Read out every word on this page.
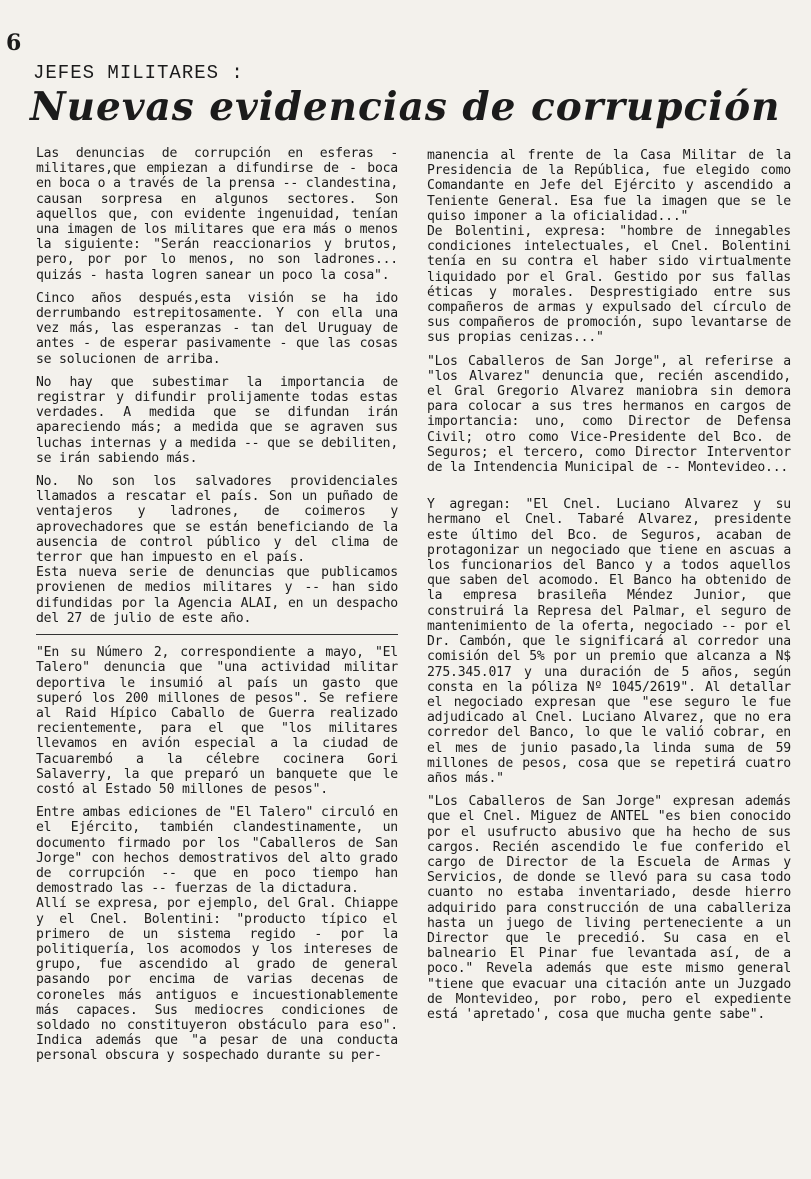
6
JEFES MILITARES :
Nuevas evidencias de corrupción

Las denuncias de corrupción en esferas - militares,que empiezan a difundirse de - boca en boca o a través de la prensa -- clandestina, causan sorpresa en algunos sectores. Son aquellos que, con evidente ingenuidad, tenían una imagen de los militares que era más o menos la siguiente: "Serán reaccionarios y brutos, pero, por por lo menos, no son ladrones... quizás - hasta logren sanear un poco la cosa".

Cinco años después,esta visión se ha ido derrumbando estrepitosamente. Y con ella una vez más, las esperanzas - tan del Uruguay de antes - de esperar pasivamente - que las cosas se solucionen de arriba.

No hay que subestimar la importancia de registrar y difundir prolijamente todas estas verdades. A medida que se difundan irán apareciendo más; a medida que se agraven sus luchas internas y a medida -- que se debiliten, se irán sabiendo más.

No. No son los salvadores providenciales llamados a rescatar el país. Son un puñado de ventajeros y ladrones, de coimeros y aprovechadores que se están beneficiando de la ausencia de control público y del clima de terror que han impuesto en el país.

Esta nueva serie de denuncias que publicamos provienen de medios militares y -- han sido difundidas por la Agencia ALAI, en un despacho del 27 de julio de este año.

"En su Número 2, correspondiente a mayo, "El Talero" denuncia que "una actividad militar deportiva le insumió al país un gasto que superó los 200 millones de pesos". Se refiere al Raid Hípico Caballo de Guerra realizado recientemente, para el que "los militares llevamos en avión especial a la ciudad de Tacuarembó a la célebre cocinera Gori Salaverry, la que preparó un banquete que le costó al Estado 50 millones de pesos".

Entre ambas ediciones de "El Talero" circuló en el Ejército, también clandestinamente, un documento firmado por los "Caballeros de San Jorge" con hechos demostrativos del alto grado de corrupción -- que en poco tiempo han demostrado las -- fuerzas de la dictadura.

Allí se expresa, por ejemplo, del Gral. Chiappe y el Cnel. Bolentini: "producto típico el primero de un sistema regido - por la politiquería, los acomodos y los intereses de grupo, fue ascendido al grado de general pasando por encima de varias decenas de coroneles más antiguos e incuestionablemente más capaces. Sus mediocres condiciones de soldado no constituyeron obstáculo para eso". Indica además que "a pesar de una conducta personal obscura y sospechado durante su per-

manencia al frente de la Casa Militar de la Presidencia de la República, fue elegido como Comandante en Jefe del Ejército y ascendido a Teniente General. Esa fue la imagen que se le quiso imponer a la oficialidad..."

De Bolentini, expresa: "hombre de innegables condiciones intelectuales, el Cnel. Bolentini tenía en su contra el haber sido virtualmente liquidado por el Gral. Gestido por sus fallas éticas y morales. Desprestigiado entre sus compañeros de armas y expulsado del círculo de sus compañeros de promoción, supo levantarse de sus propias cenizas..."

"Los Caballeros de San Jorge", al referirse a "los Alvarez" denuncia que, recién ascendido, el Gral Gregorio Alvarez maniobra sin demora para colocar a sus tres hermanos en cargos de importancia: uno, como Director de Defensa Civil; otro como Vice-Presidente del Bco. de Seguros; el tercero, como Director Interventor de la Intendencia Municipal de -- Montevideo...

Y agregan: "El Cnel. Luciano Alvarez y su hermano el Cnel. Tabaré Alvarez, presidente este último del Bco. de Seguros, acaban de protagonizar un negociado que tiene en ascuas a los funcionarios del Banco y a todos aquellos que saben del acomodo. El Banco ha obtenido de la empresa brasileña Méndez Junior, que construirá la Represa del Palmar, el seguro de mantenimiento de la oferta, negociado -- por el Dr. Cambón, que le significará al corredor una comisión del 5% por un premio que alcanza a N$ 275.345.017 y una duración de 5 años, según consta en la póliza Nº 1045/2619". Al detallar el negociado expresan que "ese seguro le fue adjudicado al Cnel. Luciano Alvarez, que no era corredor del Banco, lo que le valió cobrar, en el mes de junio pasado,la linda suma de 59 millones de pesos, cosa que se repetirá cuatro años más."

"Los Caballeros de San Jorge" expresan además que el Cnel. Miguez de ANTEL "es bien conocido por el usufructo abusivo que ha hecho de sus cargos. Recién ascendido le fue conferido el cargo de Director de la Escuela de Armas y Servicios, de donde se llevó para su casa todo cuanto no estaba inventariado, desde hierro adquirido para construcción de una caballeriza hasta un juego de living perteneciente a un Director que le precedió. Su casa en el balneario El Pinar fue levantada así, de a poco." Revela además que este mismo general "tiene que evacuar una citación ante un Juzgado de Montevideo, por robo, pero el expediente está 'apretado', cosa que mucha gente sabe".
